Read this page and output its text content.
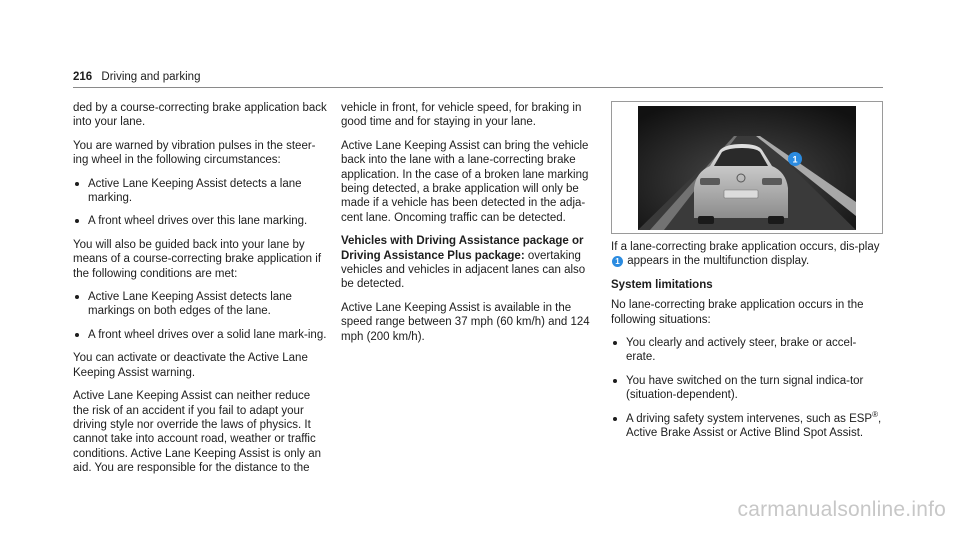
216 Driving and parking

ded by a course-correcting brake application back into your lane.

You are warned by vibration pulses in the steer-ing wheel in the following circumstances:

Active Lane Keeping Assist detects a lane marking.
A front wheel drives over this lane marking.

You will also be guided back into your lane by means of a course-correcting brake application if the following conditions are met:

Active Lane Keeping Assist detects lane markings on both edges of the lane.
A front wheel drives over a solid lane mark-ing.

You can activate or deactivate the Active Lane Keeping Assist warning.

Active Lane Keeping Assist can neither reduce the risk of an accident if you fail to adapt your driving style nor override the laws of physics. It cannot take into account road, weather or traffic conditions. Active Lane Keeping Assist is only an aid. You are responsible for the distance to the

vehicle in front, for vehicle speed, for braking in good time and for staying in your lane.

Active Lane Keeping Assist can bring the vehicle back into the lane with a lane-correcting brake application. In the case of a broken lane marking being detected, a brake application will only be made if a vehicle has been detected in the adja-cent lane. Oncoming traffic can be detected.

Vehicles with Driving Assistance package or Driving Assistance Plus package: overtaking vehicles and vehicles in adjacent lanes can also be detected.

Active Lane Keeping Assist is available in the speed range between 37 mph (60 km/h) and 124 mph (200 km/h).

1

If a lane-correcting brake application occurs, dis-play 1 appears in the multifunction display.

System limitations

No lane-correcting brake application occurs in the following situations:

You clearly and actively steer, brake or accel-erate.
You have switched on the turn signal indica-tor (situation-dependent).
A driving safety system intervenes, such as ESP®, Active Brake Assist or Active Blind Spot Assist.
carmanualsonline.info
